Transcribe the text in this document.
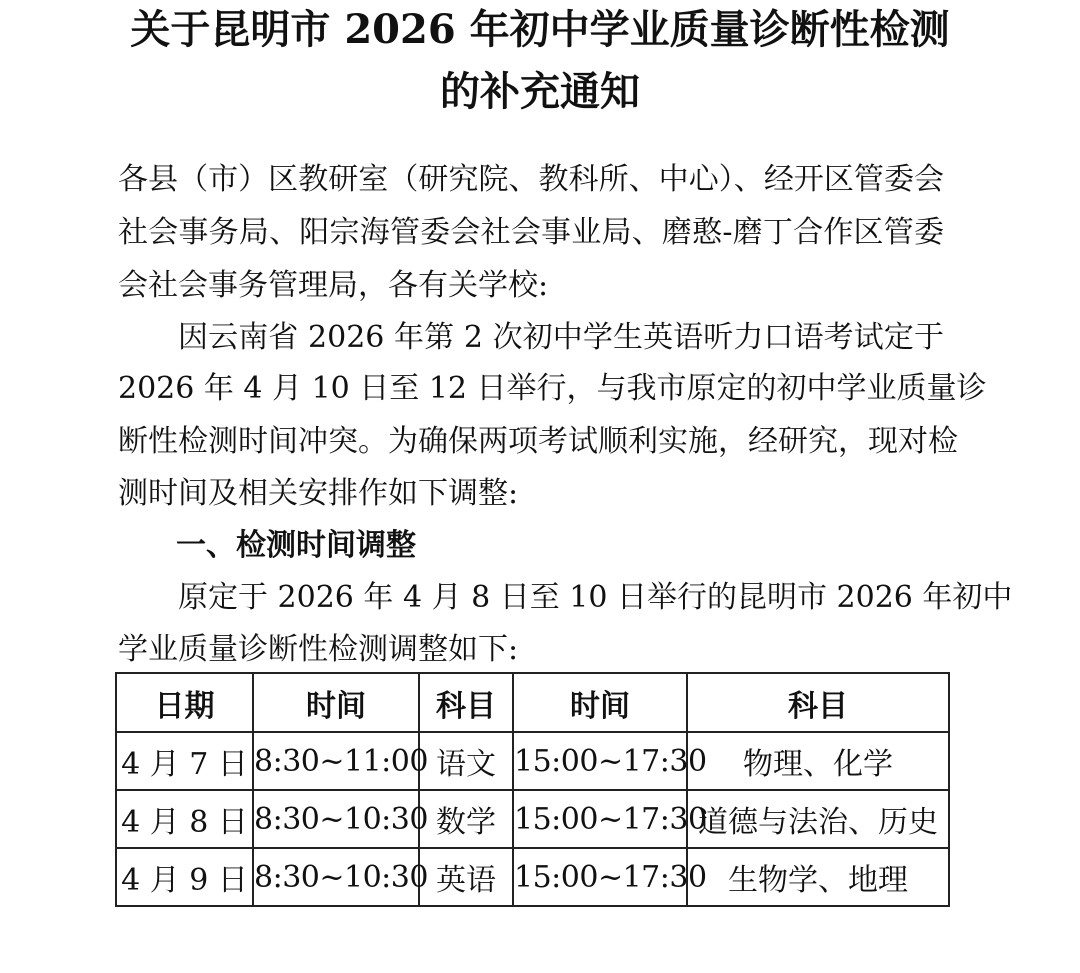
关于昆明市 2026 年初中学业质量诊断性检测
的补充通知
各县（市）区教研室（研究院、教科所、中心）、经开区管委会
社会事务局、阳宗海管委会社会事业局、磨憨-磨丁合作区管委
会社会事务管理局，各有关学校:
因云南省 2026 年第 2 次初中学生英语听力口语考试定于
2026 年 4 月 10 日至 12 日举行，与我市原定的初中学业质量诊
断性检测时间冲突。为确保两项考试顺利实施，经研究，现对检
测时间及相关安排作如下调整:
一、检测时间调整
原定于 2026 年 4 月 8 日至 10 日举行的昆明市 2026 年初中
学业质量诊断性检测调整如下:
日期	时间	科目	时间	科目
4 月 7 日	8:30~11:00	语文	15:00~17:30	物理、化学
4 月 8 日	8:30~10:30	数学	15:00~17:30	道德与法治、历史
4 月 9 日	8:30~10:30	英语	15:00~17:30	生物学、地理
